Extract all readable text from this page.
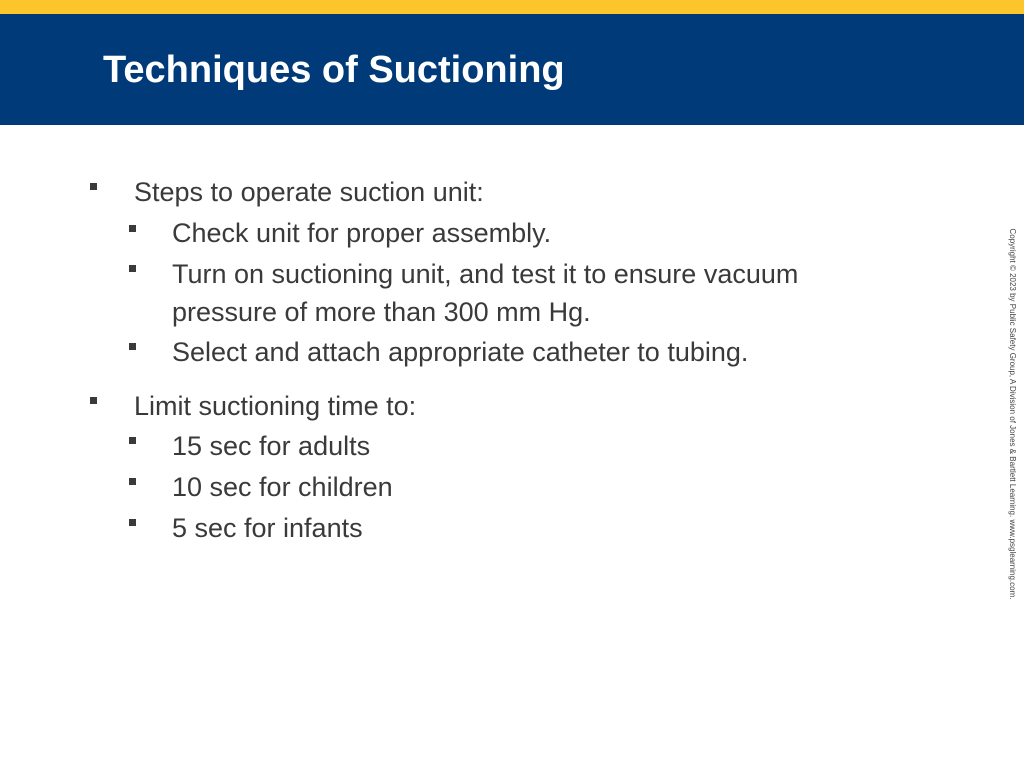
Techniques of Suctioning
Steps to operate suction unit:
Check unit for proper assembly.
Turn on suctioning unit, and test it to ensure vacuum
pressure of more than 300 mm Hg.
Select and attach appropriate catheter to tubing.
Limit suctioning time to:
15 sec for adults
10 sec for children
5 sec for infants	Copyright © 2023 by Public Safety Group, A Division of Jones & Bartlett Learning. www.psglearning.com.
